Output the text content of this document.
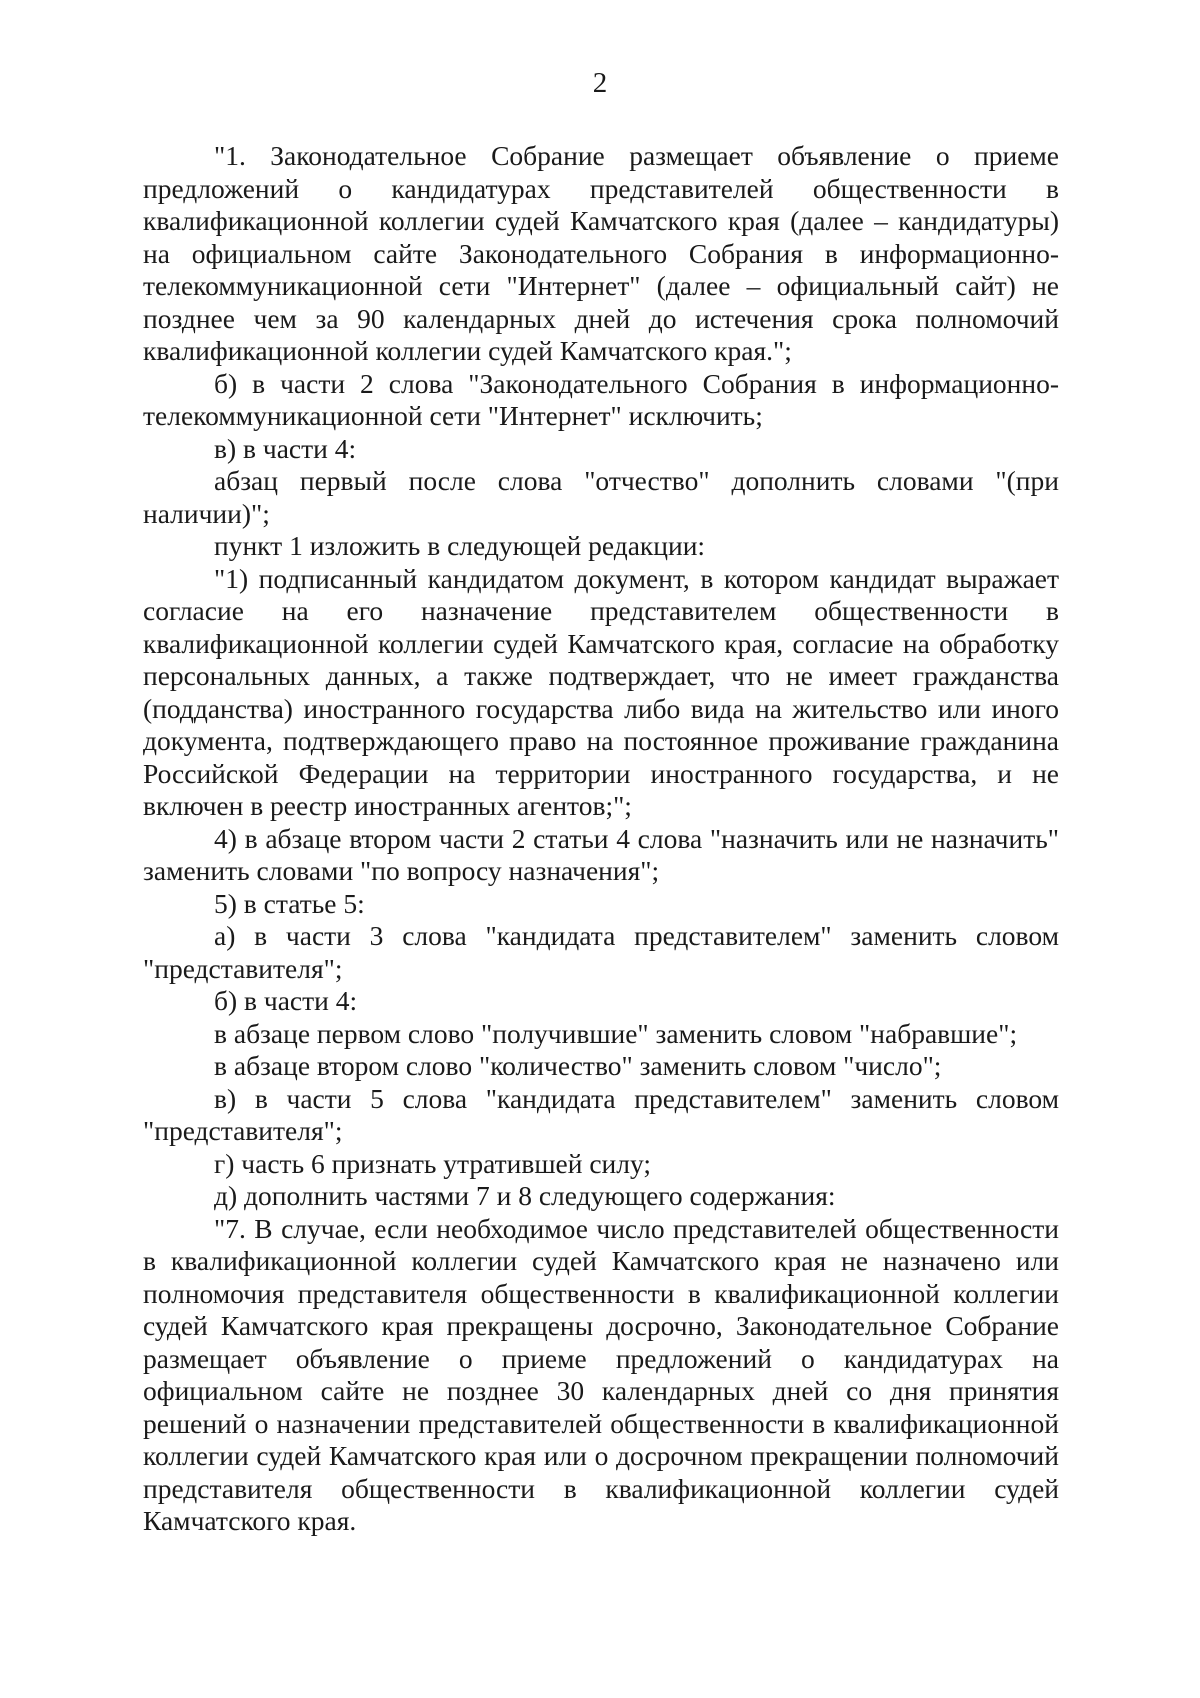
2

"1. Законодательное Собрание размещает объявление о приеме предложений о кандидатурах представителей общественности в квалификационной коллегии судей Камчатского края (далее – кандидатуры) на официальном сайте Законодательного Собрания в информационно-телекоммуникационной сети "Интернет" (далее – официальный сайт) не позднее чем за 90 календарных дней до истечения срока полномочий квалификационной коллегии судей Камчатского края.";

б) в части 2 слова "Законодательного Собрания в информационно-телекоммуникационной сети "Интернет" исключить;

в) в части 4:

абзац первый после слова "отчество" дополнить словами "(при наличии)";

пункт 1 изложить в следующей редакции:

"1) подписанный кандидатом документ, в котором кандидат выражает согласие на его назначение представителем общественности в квалификационной коллегии судей Камчатского края, согласие на обработку персональных данных, а также подтверждает, что не имеет гражданства (подданства) иностранного государства либо вида на жительство или иного документа, подтверждающего право на постоянное проживание гражданина Российской Федерации на территории иностранного государства, и не включен в реестр иностранных агентов;";

4) в абзаце втором части 2 статьи 4 слова "назначить или не назначить" заменить словами "по вопросу назначения";

5) в статье 5:

а) в части 3 слова "кандидата представителем" заменить словом "представителя";

б) в части 4:

в абзаце первом слово "получившие" заменить словом "набравшие";

в абзаце втором слово "количество" заменить словом "число";

в) в части 5 слова "кандидата представителем" заменить словом "представителя";

г) часть 6 признать утратившей силу;

д) дополнить частями 7 и 8 следующего содержания:

"7. В случае, если необходимое число представителей общественности в квалификационной коллегии судей Камчатского края не назначено или полномочия представителя общественности в квалификационной коллегии судей Камчатского края прекращены досрочно, Законодательное Собрание размещает объявление о приеме предложений о кандидатурах на официальном сайте не позднее 30 календарных дней со дня принятия решений о назначении представителей общественности в квалификационной коллегии судей Камчатского края или о досрочном прекращении полномочий представителя общественности в квалификационной коллегии судей Камчатского края.
